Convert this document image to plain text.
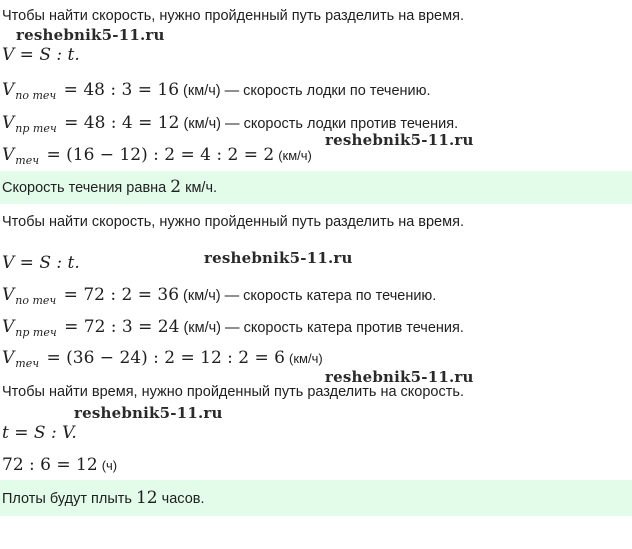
Чтобы найти скорость, нужно пройденный путь разделить на время.
V = S : t.
$V_{по теч} = 48$ : 3 = 16 (км/ч) — скорость лодки по течению.
$V_{пр теч} = 48$ : 4 = 12 (км/ч) — скорость лодки против течения.
$V_{теч} = (16 - 12)$ : 2 = 4 : 2 = 2 (км/ч)
Скорость течения равна 2 км/ч.
Чтобы найти скорость, нужно пройденный путь разделить на время.
V = S : t.
$V_{по теч} = 72$ : 2 = 36 (км/ч) — скорость катера по течению.
$V_{пр теч} = 72$ : 3 = 24 (км/ч) — скорость катера против течения.
$V_{теч} = (36 - 24)$ : 2 = 12 : 2 = 6 (км/ч)
Чтобы найти время, нужно пройденный путь разделить на скорость.
t = S : V.
72 : 6 = 12 (ч)
Плоты будут плыть 12 часов.
reshebnik5-11.ru
reshebnik5-11.ru
reshebnik5-11.ru
reshebnik5-11.ru
reshebnik5-11.ru
